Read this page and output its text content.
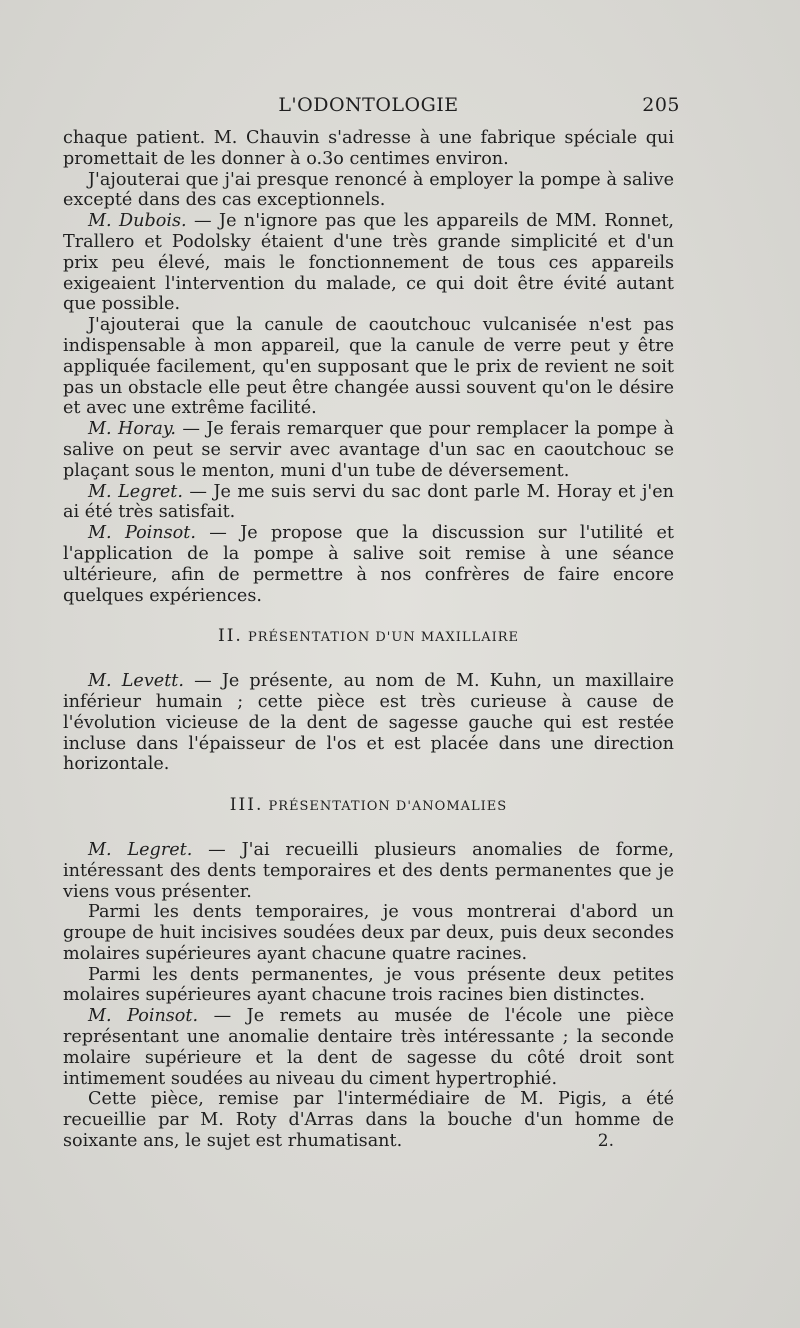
L'ODONTOLOGIE	205

chaque patient. M. Chauvin s'adresse à une fabrique spéciale qui promettait de les donner à o.3o centimes environ.

J'ajouterai que j'ai presque renoncé à employer la pompe à salive excepté dans des cas exceptionnels.

M. Dubois. — Je n'ignore pas que les appareils de MM. Ronnet, Trallero et Podolsky étaient d'une très grande simplicité et d'un prix peu élevé, mais le fonctionnement de tous ces appareils exigeaient l'intervention du malade, ce qui doit être évité autant que possible.

J'ajouterai que la canule de caoutchouc vulcanisée n'est pas indispensable à mon appareil, que la canule de verre peut y être appliquée facilement, qu'en supposant que le prix de revient ne soit pas un obstacle elle peut être changée aussi souvent qu'on le désire et avec une extrême facilité.

M. Horay. — Je ferais remarquer que pour remplacer la pompe à salive on peut se servir avec avantage d'un sac en caoutchouc se plaçant sous le menton, muni d'un tube de déversement.

M. Legret. — Je me suis servi du sac dont parle M. Horay et j'en ai été très satisfait.

M. Poinsot. — Je propose que la discussion sur l'utilité et l'application de la pompe à salive soit remise à une séance ultérieure, afin de permettre à nos confrères de faire encore quelques expériences.

II. PRÉSENTATION D'UN MAXILLAIRE

M. Levett. — Je présente, au nom de M. Kuhn, un maxillaire inférieur humain ; cette pièce est très curieuse à cause de l'évolution vicieuse de la dent de sagesse gauche qui est restée incluse dans l'épaisseur de l'os et est placée dans une direction horizontale.

III. PRÉSENTATION D'ANOMALIES

M. Legret. — J'ai recueilli plusieurs anomalies de forme, intéressant des dents temporaires et des dents permanentes que je viens vous présenter.

Parmi les dents temporaires, je vous montrerai d'abord un groupe de huit incisives soudées deux par deux, puis deux secondes molaires supérieures ayant chacune quatre racines.

Parmi les dents permanentes, je vous présente deux petites molaires supérieures ayant chacune trois racines bien distinctes.

M. Poinsot. — Je remets au musée de l'école une pièce représentant une anomalie dentaire très intéressante ; la seconde molaire supérieure et la dent de sagesse du côté droit sont intimement soudées au niveau du ciment hypertrophié.

Cette pièce, remise par l'intermédiaire de M. Pigis, a été recueillie par M. Roty d'Arras dans la bouche d'un homme de soixante ans, le sujet est rhumatisant.	2.
